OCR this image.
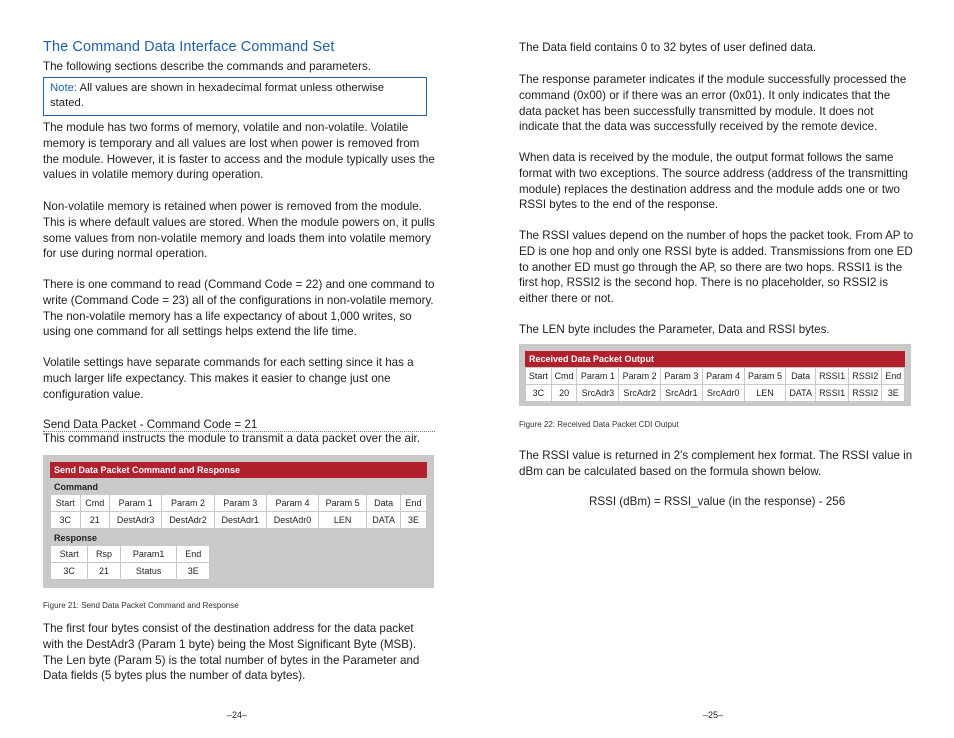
The Command Data Interface Command Set

The following sections describe the commands and parameters.

Note: All values are shown in hexadecimal format unless otherwise stated.

The module has two forms of memory, volatile and non-volatile. Volatile memory is temporary and all values are lost when power is removed from the module. However, it is faster to access and the module typically uses the values in volatile memory during operation.

Non-volatile memory is retained when power is removed from the module. This is where default values are stored. When the module powers on, it pulls some values from non-volatile memory and loads them into volatile memory for use during normal operation.

There is one command to read (Command Code = 22) and one command to write (Command Code = 23) all of the configurations in non-volatile memory. The non-volatile memory has a life expectancy of about 1,000 writes, so using one command for all settings helps extend the life time.

Volatile settings have separate commands for each setting since it has a much larger life expectancy. This makes it easier to change just one configuration value.

Send Data Packet - Command Code = 21
This command instructs the module to transmit a data packet over the air.
Send Data Packet Command and Response
Command
Start	Cmd	Param 1	Param 2	Param 3	Param 4	Param 5	Data	End
3C	21	DestAdr3	DestAdr2	DestAdr1	DestAdr0	LEN	DATA	3E
Response
Start	Rsp	Param1	End
3C	21	Status	3E
Figure 21: Send Data Packet Command and Response

The first four bytes consist of the destination address for the data packet with the DestAdr3 (Param 1 byte) being the Most Significant Byte (MSB). The Len byte (Param 5) is the total number of bytes in the Parameter and Data fields (5 bytes plus the number of data bytes).

–24–

The Data field contains 0 to 32 bytes of user defined data.

The response parameter indicates if the module successfully processed the command (0x00) or if there was an error (0x01). It only indicates that the data packet has been successfully transmitted by module. It does not indicate that the data was successfully received by the remote device.

When data is received by the module, the output format follows the same format with two exceptions. The source address (address of the transmitting module) replaces the destination address and the module adds one or two RSSI bytes to the end of the response.

The RSSI values depend on the number of hops the packet took. From AP to ED is one hop and only one RSSI byte is added. Transmissions from one ED to another ED must go through the AP, so there are two hops. RSSI1 is the first hop, RSSI2 is the second hop. There is no placeholder, so RSSI2 is either there or not.

The LEN byte includes the Parameter, Data and RSSI bytes.

Received Data Packet Output
Start	Cmd	Param 1	Param 2	Param 3	Param 4	Param 5	Data	RSSI1	RSSI2	End
3C	20	SrcAdr3	SrcAdr2	SrcAdr1	SrcAdr0	LEN	DATA	RSSI1	RSSI2	3E
Figure 22: Received Data Packet CDI Output

The RSSI value is returned in 2's complement hex format. The RSSI value in dBm can be calculated based on the formula shown below.

RSSI (dBm) = RSSI_value (in the response) - 256

–25–
